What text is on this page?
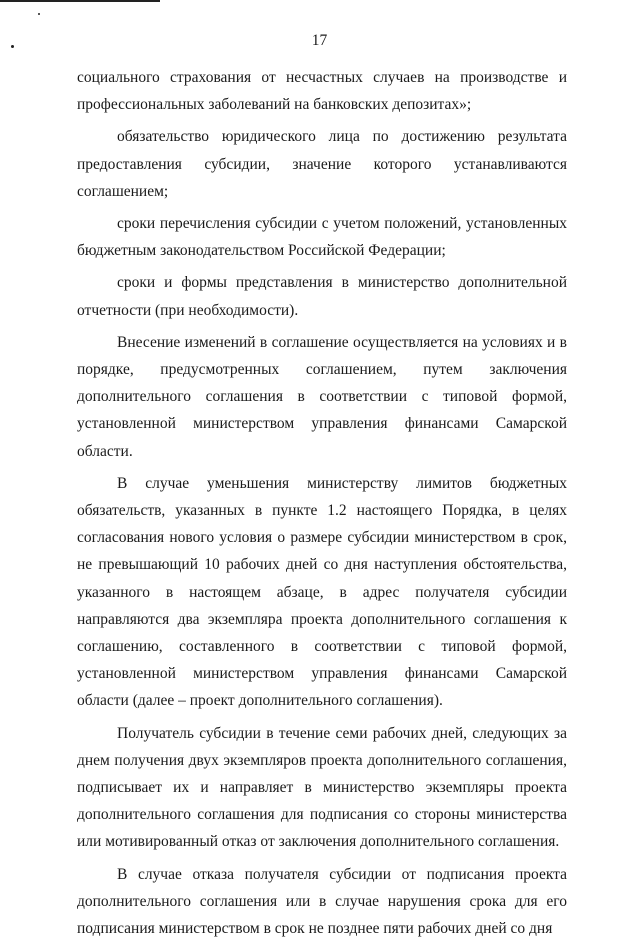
17

социального страхования от несчастных случаев на производстве и профессиональных заболеваний на банковских депозитах»;

обязательство юридического лица по достижению результата предоставления субсидии, значение которого устанавливаются соглашением;

сроки перечисления субсидии с учетом положений, установленных бюджетным законодательством Российской Федерации;

сроки и формы представления в министерство дополнительной отчетности (при необходимости).

Внесение изменений в соглашение осуществляется на условиях и в порядке, предусмотренных соглашением, путем заключения дополнительного соглашения в соответствии с типовой формой, установленной министерством управления финансами Самарской области.

В случае уменьшения министерству лимитов бюджетных обязательств, указанных в пункте 1.2 настоящего Порядка, в целях согласования нового условия о размере субсидии министерством в срок, не превышающий 10 рабочих дней со дня наступления обстоятельства, указанного в настоящем абзаце, в адрес получателя субсидии направляются два экземпляра проекта дополнительного соглашения к соглашению, составленного в соответствии с типовой формой, установленной министерством управления финансами Самарской области (далее – проект дополнительного соглашения).

Получатель субсидии в течение семи рабочих дней, следующих за днем получения двух экземпляров проекта дополнительного соглашения, подписывает их и направляет в министерство экземпляры проекта дополнительного соглашения для подписания со стороны министерства или мотивированный отказ от заключения дополнительного соглашения.

В случае отказа получателя субсидии от подписания проекта дополнительного соглашения или в случае нарушения срока для его подписания министерством в срок не позднее пяти рабочих дней со дня
